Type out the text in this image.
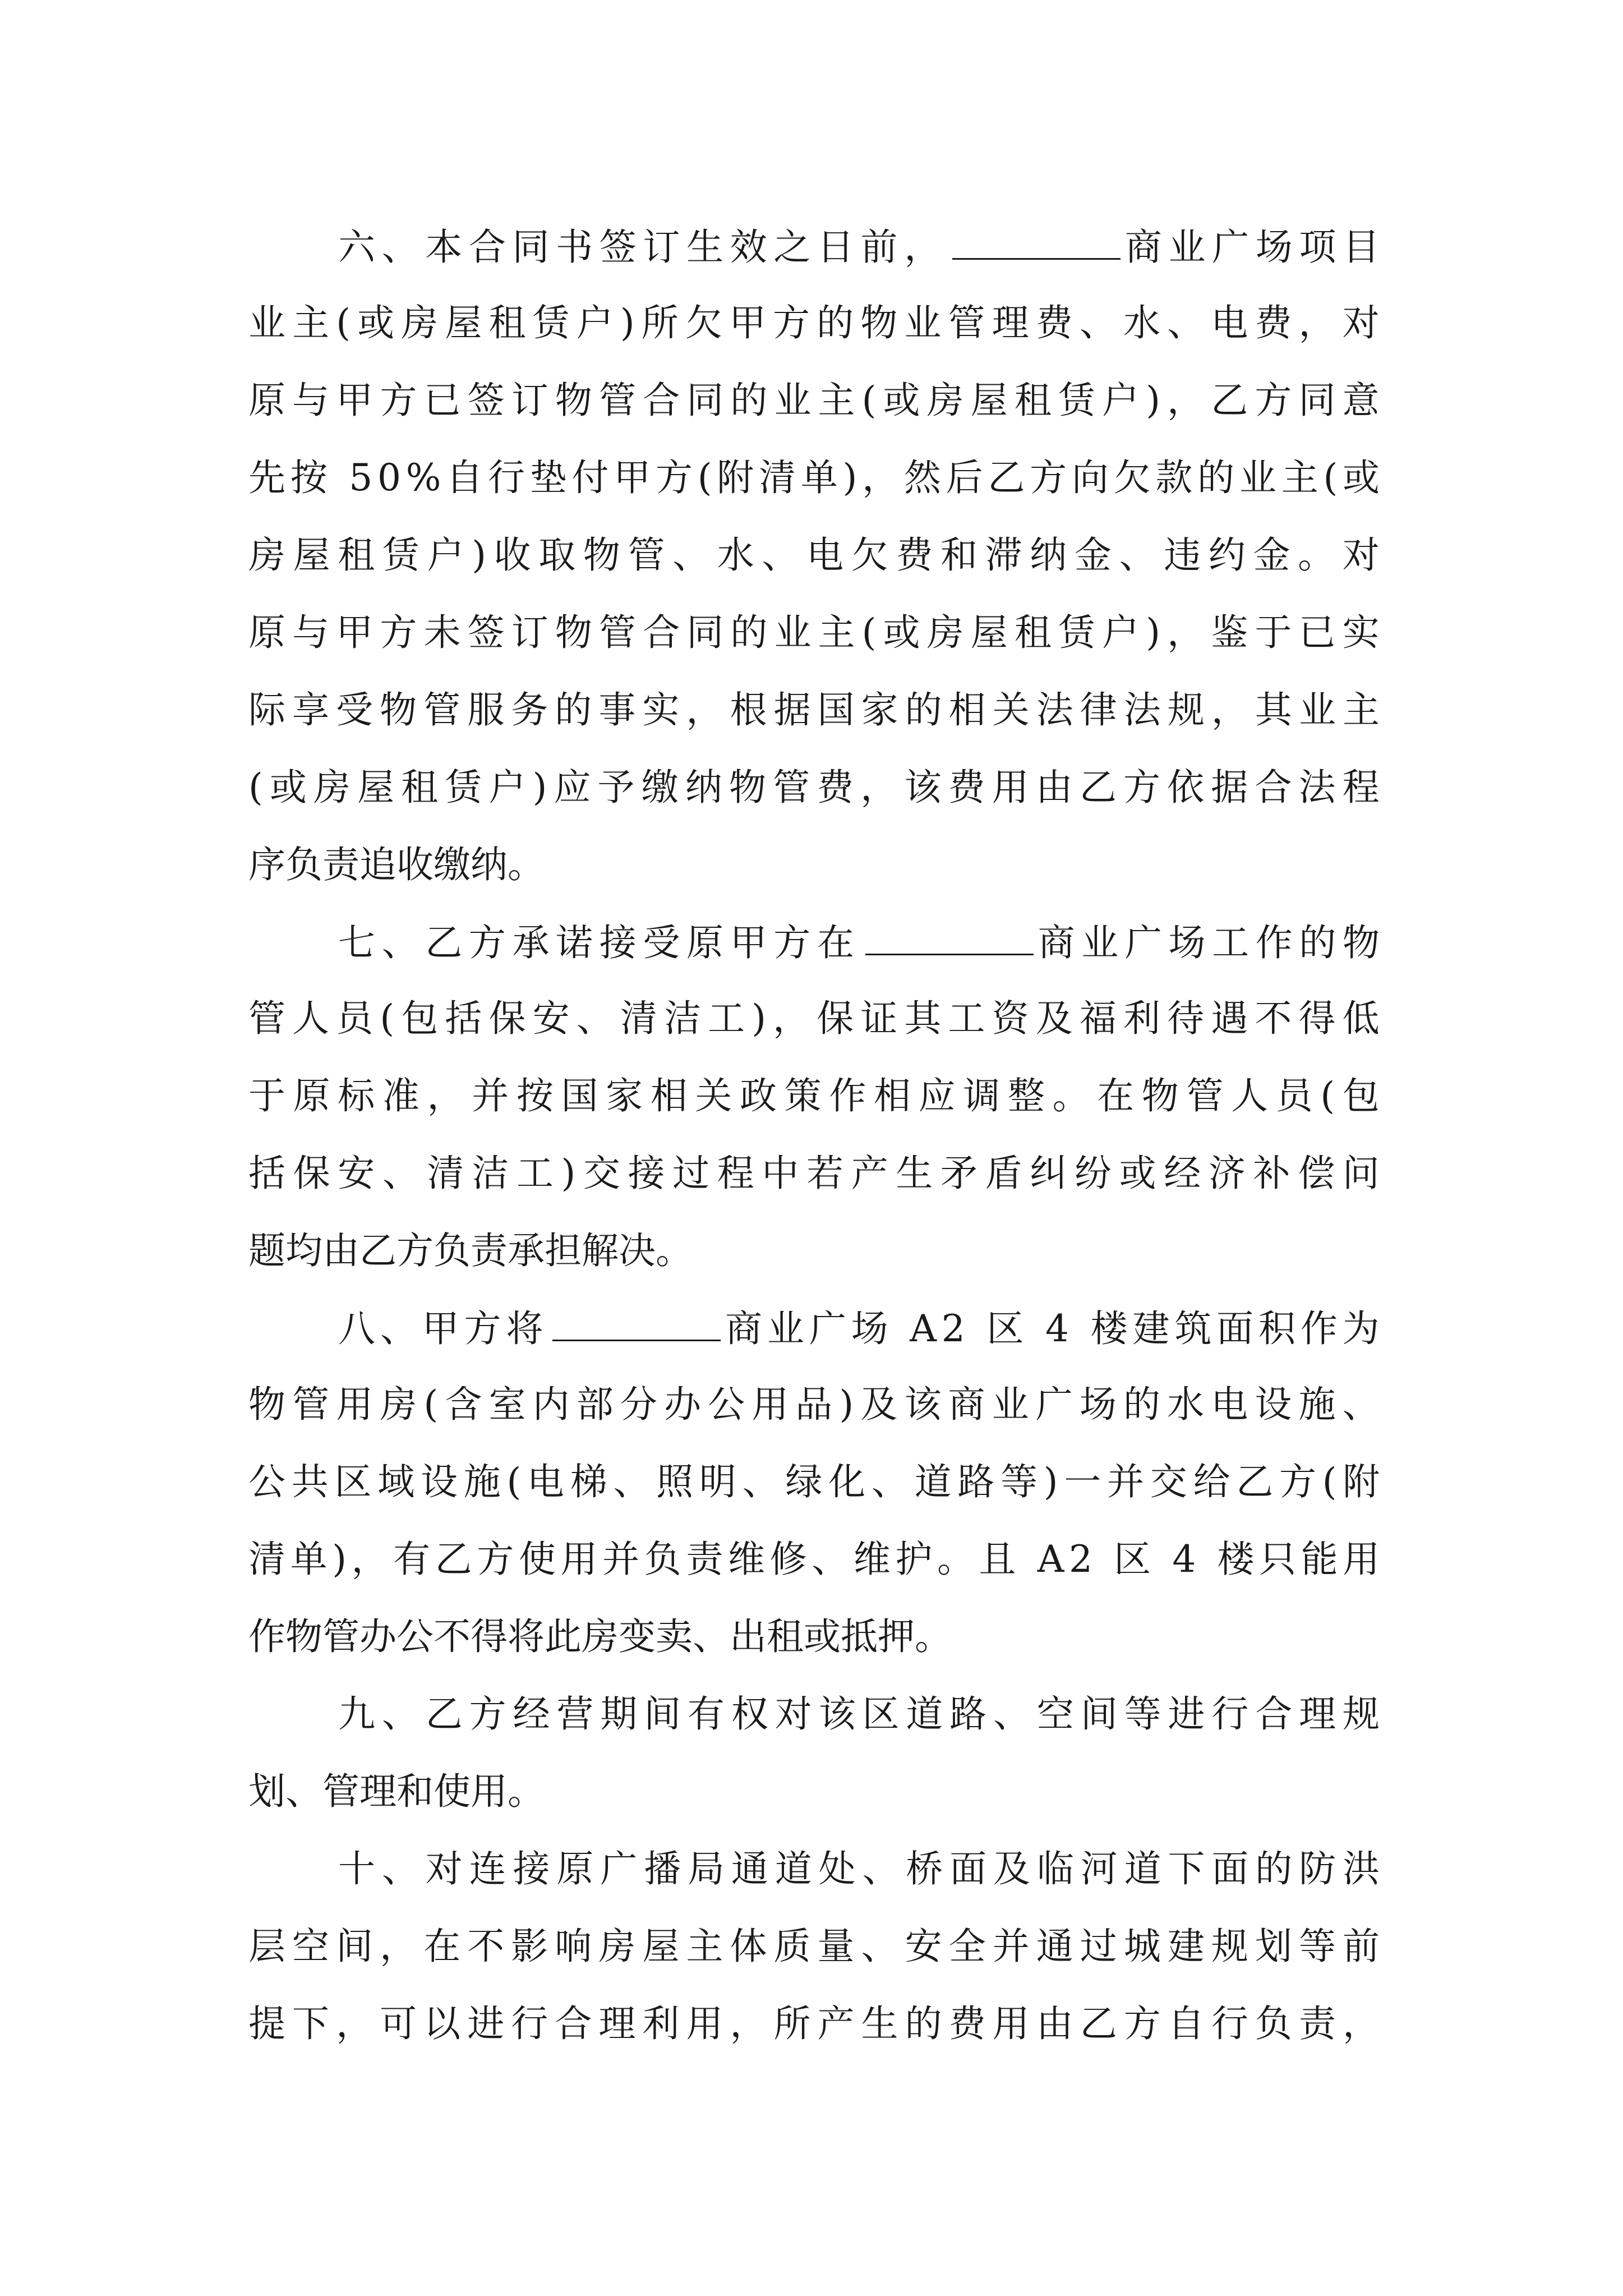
六、本合同书签订生效之日前，	商业广场项目
业主(或房屋租赁户)所欠甲方的物业管理费、水、电费，对
原与甲方已签订物管合同的业主(或房屋租赁户)，乙方同意
先按 50%自行垫付甲方(附清单)，然后乙方向欠款的业主(或
房屋租赁户)收取物管、水、电欠费和滞纳金、违约金。对
原与甲方未签订物管合同的业主(或房屋租赁户)，鉴于已实
际享受物管服务的事实，根据国家的相关法律法规，其业主
(或房屋租赁户)应予缴纳物管费，该费用由乙方依据合法程
序负责追收缴纳。
七、乙方承诺接受原甲方在	商业广场工作的物
管人员(包括保安、清洁工)，保证其工资及福利待遇不得低
于原标准，并按国家相关政策作相应调整。在物管人员(包
括保安、清洁工)交接过程中若产生矛盾纠纷或经济补偿问
题均由乙方负责承担解决。
八、甲方将	商业广场 A2 区 4 楼建筑面积作为
物管用房(含室内部分办公用品)及该商业广场的水电设施、
公共区域设施(电梯、照明、绿化、道路等)一并交给乙方(附
清单)，有乙方使用并负责维修、维护。且 A2 区 4 楼只能用
作物管办公不得将此房变卖、出租或抵押。
九、乙方经营期间有权对该区道路、空间等进行合理规
划、管理和使用。
十、对连接原广播局通道处、桥面及临河道下面的防洪
层空间，在不影响房屋主体质量、安全并通过城建规划等前
提下，可以进行合理利用，所产生的费用由乙方自行负责，
